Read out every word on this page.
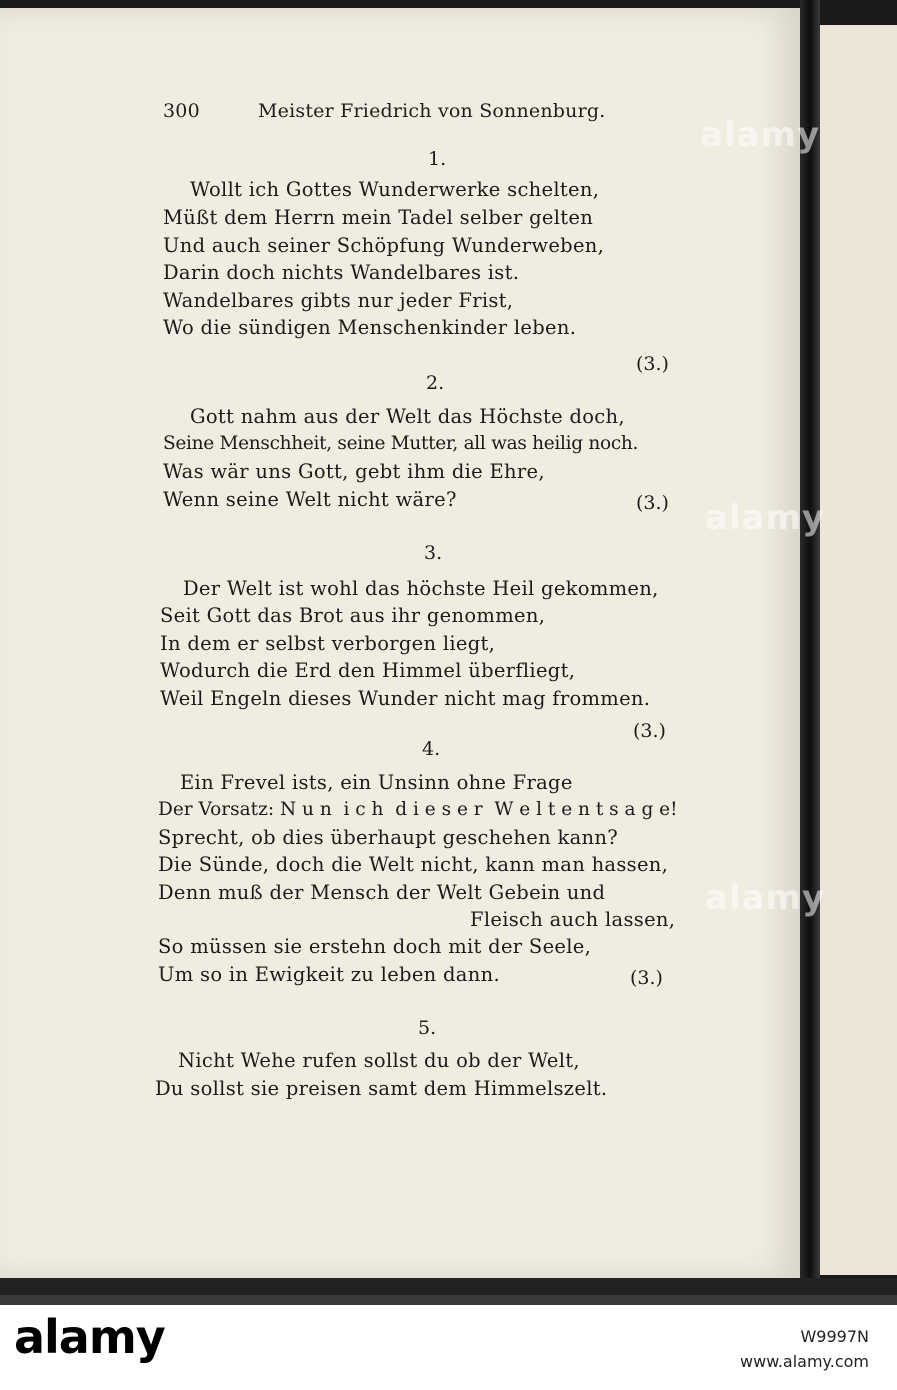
300	Meister Friedrich von Sonnenburg.
1.
Wollt ich Gottes Wunderwerke schelten,
Müßt dem Herrn mein Tadel selber gelten
Und auch seiner Schöpfung Wunderweben,
Darin doch nichts Wandelbares ist.
Wandelbares gibts nur jeder Frist,
Wo die sündigen Menschenkinder leben.
(3.)
2.
Gott nahm aus der Welt das Höchste doch,
Seine Menschheit, seine Mutter, all was heilig noch.
Was wär uns Gott, gebt ihm die Ehre,
Wenn seine Welt nicht wäre?	(3.)
3.
Der Welt ist wohl das höchste Heil gekommen,
Seit Gott das Brot aus ihr genommen,
In dem er selbst verborgen liegt,
Wodurch die Erd den Himmel überfliegt,
Weil Engeln dieses Wunder nicht mag frommen.
(3.)
4.
Ein Frevel ists, ein Unsinn ohne Frage
Der Vorsatz: N u n  i c h  d i e s e r  W e l t e n t s a g e!
Sprecht, ob dies überhaupt geschehen kann?
Die Sünde, doch die Welt nicht, kann man hassen,
Denn muß der Mensch der Welt Gebein und
Fleisch auch lassen,
So müssen sie erstehn doch mit der Seele,
Um so in Ewigkeit zu leben dann.	(3.)
5.
Nicht Wehe rufen sollst du ob der Welt,
Du sollst sie preisen samt dem Himmelszelt.
alamy
alamy
alamy
alamy	W9997N
www.alamy.com
